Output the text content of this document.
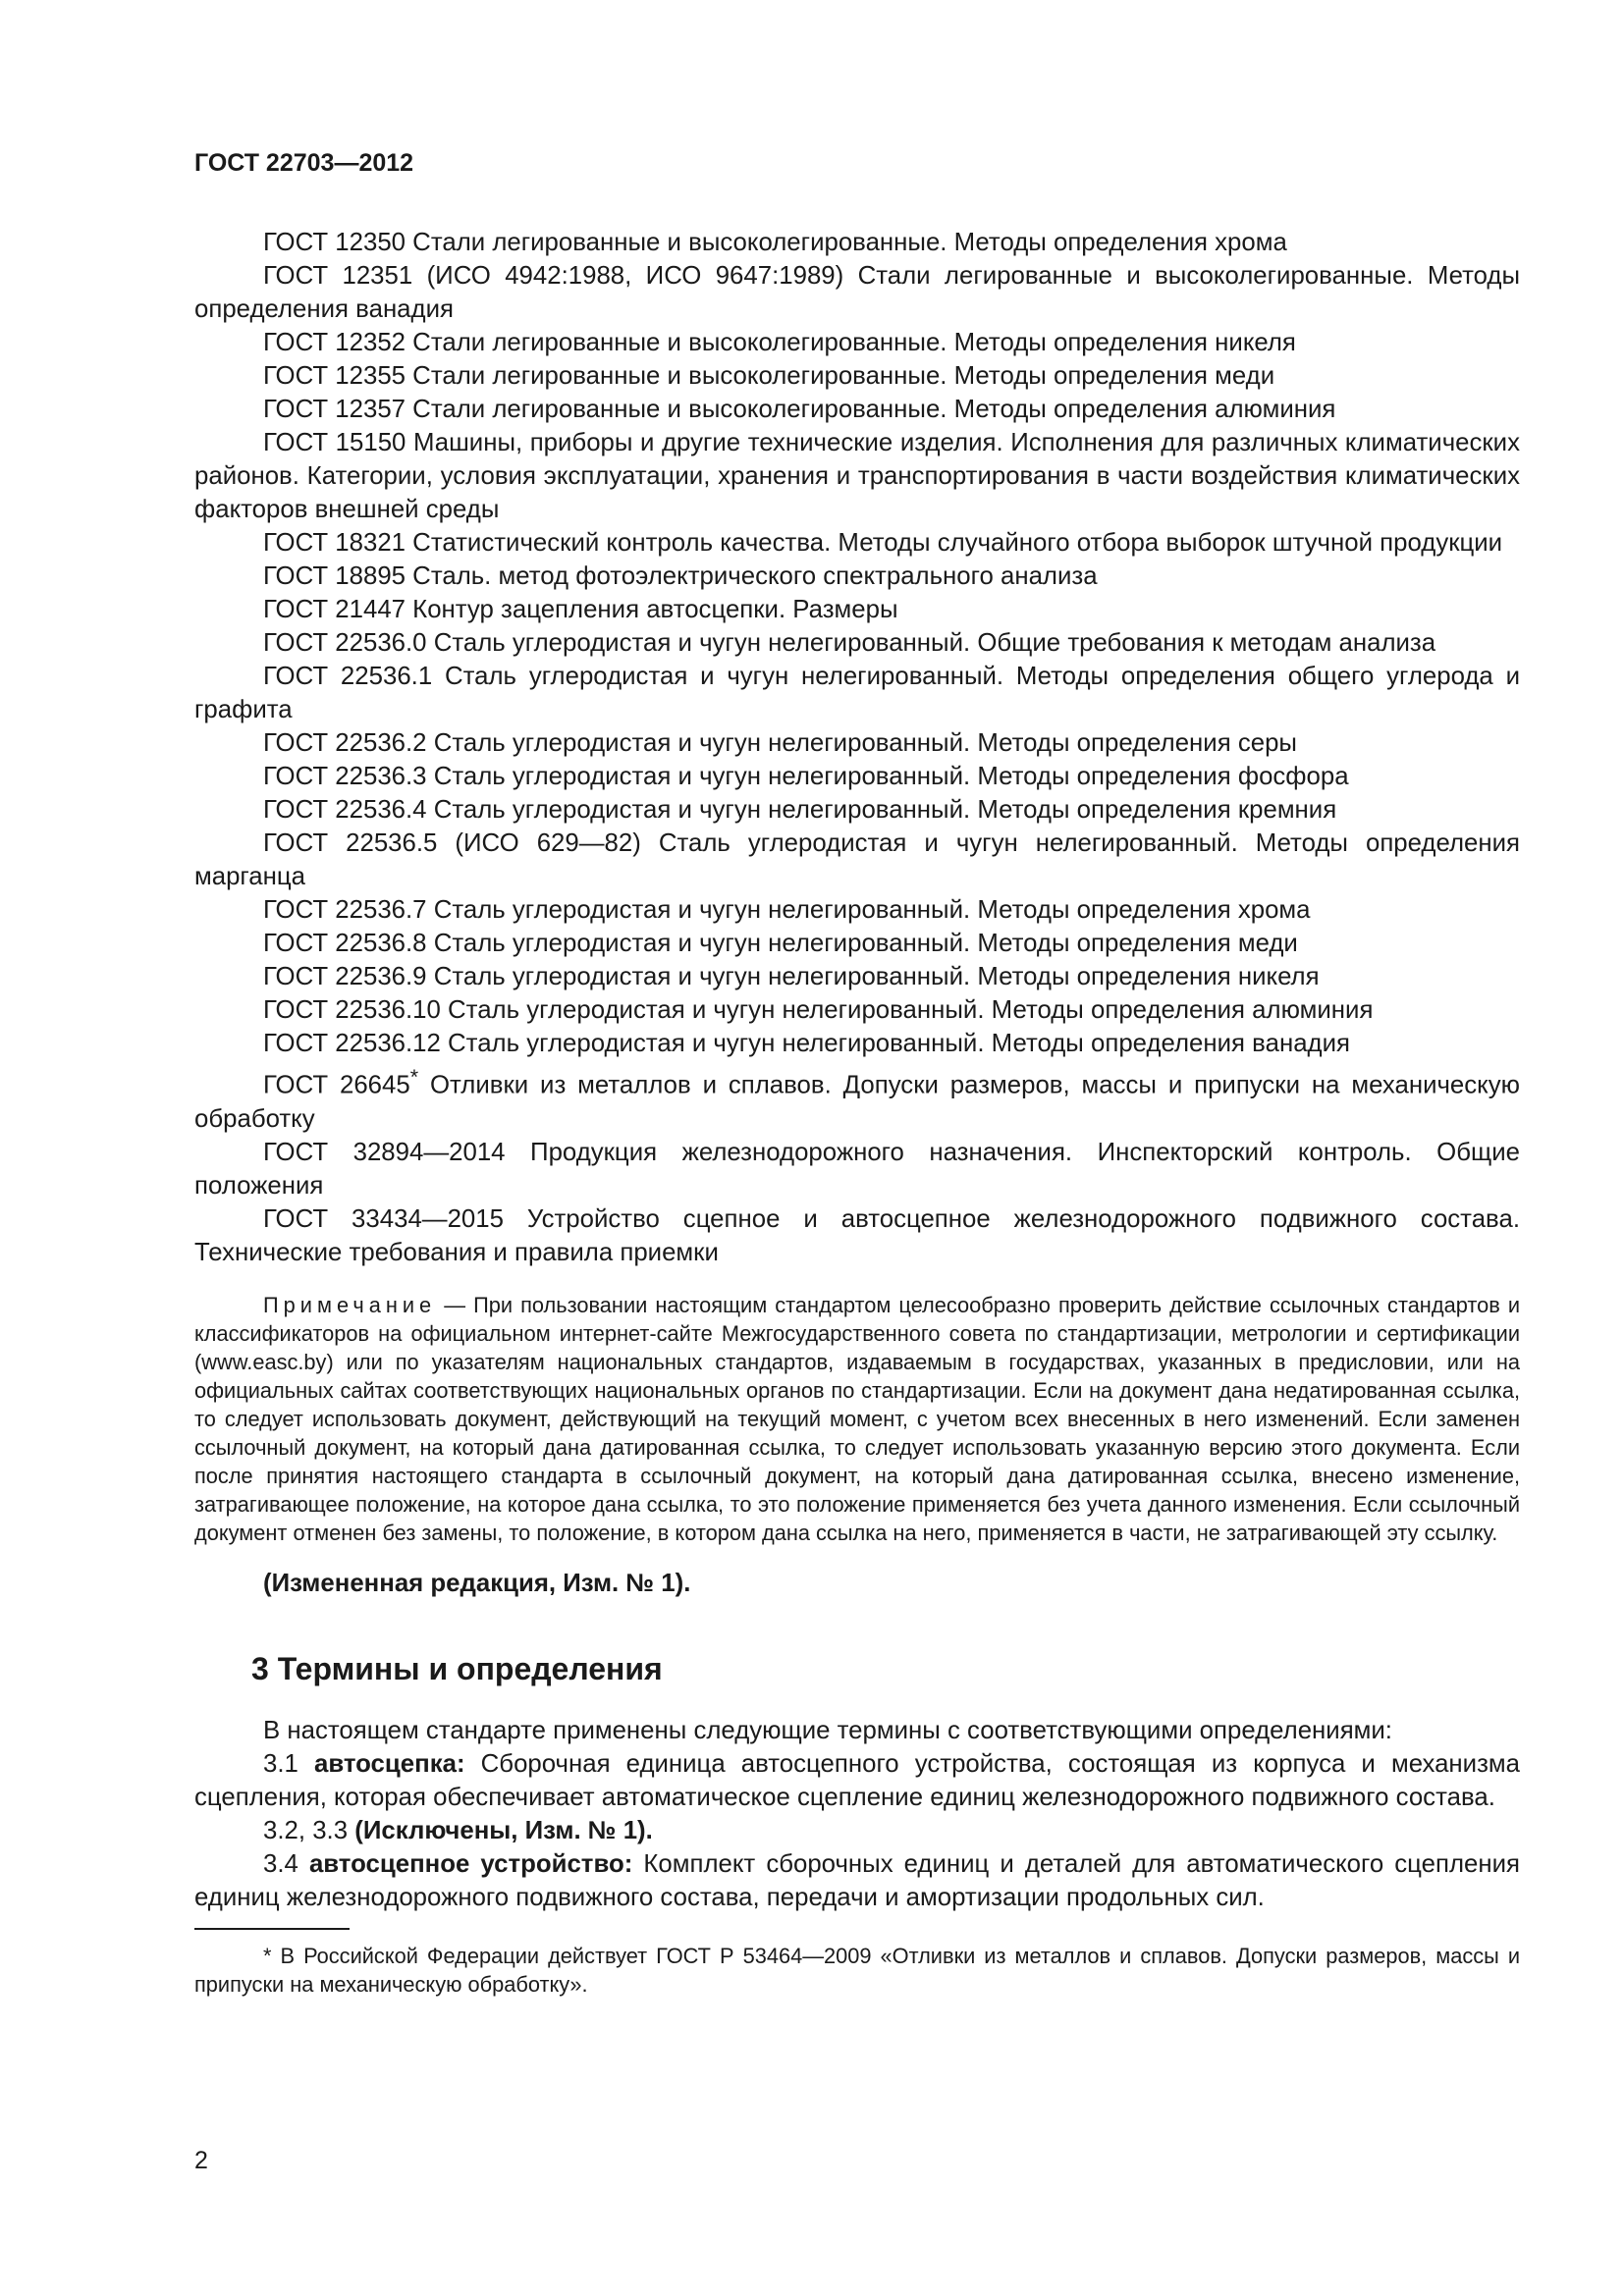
ГОСТ 22703—2012

ГОСТ 12350 Стали легированные и высоколегированные. Методы определения хрома

ГОСТ 12351 (ИСО 4942:1988, ИСО 9647:1989) Стали легированные и высоколегированные. Методы определения ванадия

ГОСТ 12352 Стали легированные и высоколегированные. Методы определения никеля

ГОСТ 12355 Стали легированные и высоколегированные. Методы определения меди

ГОСТ 12357 Стали легированные и высоколегированные. Методы определения алюминия

ГОСТ 15150 Машины, приборы и другие технические изделия. Исполнения для различных климатических районов. Категории, условия эксплуатации, хранения и транспортирования в части воздействия климатических факторов внешней среды

ГОСТ 18321 Статистический контроль качества. Методы случайного отбора выборок штучной продукции

ГОСТ 18895 Сталь. метод фотоэлектрического спектрального анализа

ГОСТ 21447 Контур зацепления автосцепки. Размеры

ГОСТ 22536.0 Сталь углеродистая и чугун нелегированный. Общие требования к методам анализа

ГОСТ 22536.1 Сталь углеродистая и чугун нелегированный. Методы определения общего углерода и графита

ГОСТ 22536.2 Сталь углеродистая и чугун нелегированный. Методы определения серы

ГОСТ 22536.3 Сталь углеродистая и чугун нелегированный. Методы определения фосфора

ГОСТ 22536.4 Сталь углеродистая и чугун нелегированный. Методы определения кремния

ГОСТ 22536.5 (ИСО 629—82) Сталь углеродистая и чугун нелегированный. Методы определения марганца

ГОСТ 22536.7 Сталь углеродистая и чугун нелегированный. Методы определения хрома

ГОСТ 22536.8 Сталь углеродистая и чугун нелегированный. Методы определения меди

ГОСТ 22536.9 Сталь углеродистая и чугун нелегированный. Методы определения никеля

ГОСТ 22536.10 Сталь углеродистая и чугун нелегированный. Методы определения алюминия

ГОСТ 22536.12 Сталь углеродистая и чугун нелегированный. Методы определения ванадия

ГОСТ 26645* Отливки из металлов и сплавов. Допуски размеров, массы и припуски на механическую обработку

ГОСТ 32894—2014 Продукция железнодорожного назначения. Инспекторский контроль. Общие положения

ГОСТ 33434—2015 Устройство сцепное и автосцепное железнодорожного подвижного состава. Технические требования и правила приемки

Примечание — При пользовании настоящим стандартом целесообразно проверить действие ссылочных стандартов и классификаторов на официальном интернет-сайте Межгосударственного совета по стандартизации, метрологии и сертификации (www.easc.by) или по указателям национальных стандартов, издаваемым в государствах, указанных в предисловии, или на официальных сайтах соответствующих национальных органов по стандартизации. Если на документ дана недатированная ссылка, то следует использовать документ, действующий на текущий момент, с учетом всех внесенных в него изменений. Если заменен ссылочный документ, на который дана датированная ссылка, то следует использовать указанную версию этого документа. Если после принятия настоящего стандарта в ссылочный документ, на который дана датированная ссылка, внесено изменение, затрагивающее положение, на которое дана ссылка, то это положение применяется без учета данного изменения. Если ссылочный документ отменен без замены, то положение, в котором дана ссылка на него, применяется в части, не затрагивающей эту ссылку.

(Измененная редакция, Изм. № 1).

3 Термины и определения

В настоящем стандарте применены следующие термины с соответствующими определениями:

3.1 автосцепка: Сборочная единица автосцепного устройства, состоящая из корпуса и механизма сцепления, которая обеспечивает автоматическое сцепление единиц железнодорожного подвижного состава.

3.2, 3.3 (Исключены, Изм. № 1).

3.4 автосцепное устройство: Комплект сборочных единиц и деталей для автоматического сцепления единиц железнодорожного подвижного состава, передачи и амортизации продольных сил.

* В Российской Федерации действует ГОСТ Р 53464—2009 «Отливки из металлов и сплавов. Допуски размеров, массы и припуски на механическую обработку».

2
